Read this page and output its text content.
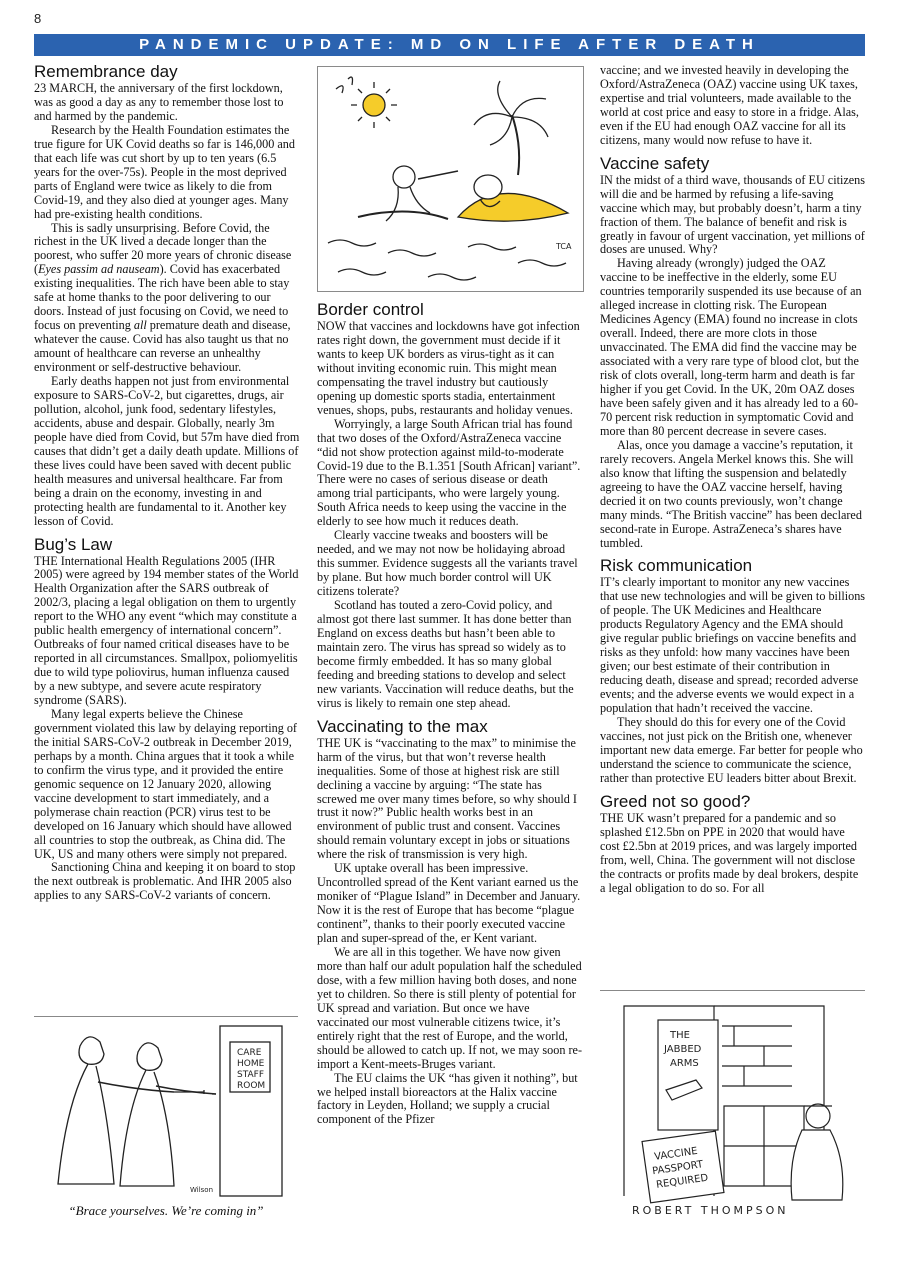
8
PANDEMIC UPDATE: MD ON LIFE AFTER DEATH
Remembrance day

23 MARCH, the anniversary of the first lockdown, was as good a day as any to remember those lost to and harmed by the pandemic.

Research by the Health Foundation estimates the true figure for UK Covid deaths so far is 146,000 and that each life was cut short by up to ten years (6.5 years for the over-75s). People in the most deprived parts of England were twice as likely to die from Covid-19, and they also died at younger ages. Many had pre-existing health conditions.

This is sadly unsurprising. Before Covid, the richest in the UK lived a decade longer than the poorest, who suffer 20 more years of chronic disease (Eyes passim ad nauseam). Covid has exacerbated existing inequalities. The rich have been able to stay safe at home thanks to the poor delivering to our doors. Instead of just focusing on Covid, we need to focus on preventing all premature death and disease, whatever the cause. Covid has also taught us that no amount of healthcare can reverse an unhealthy environment or self-destructive behaviour.

Early deaths happen not just from environmental exposure to SARS-CoV-2, but cigarettes, drugs, air pollution, alcohol, junk food, sedentary lifestyles, accidents, abuse and despair. Globally, nearly 3m people have died from Covid, but 57m have died from causes that didn’t get a daily death update. Millions of these lives could have been saved with decent public health measures and universal healthcare. Far from being a drain on the economy, investing in and protecting health are fundamental to it. Another key lesson of Covid.

Bug’s Law

THE International Health Regulations 2005 (IHR 2005) were agreed by 194 member states of the World Health Organization after the SARS outbreak of 2002/3, placing a legal obligation on them to urgently report to the WHO any event “which may constitute a public health emergency of international concern”. Outbreaks of four named critical diseases have to be reported in all circumstances. Smallpox, poliomyelitis due to wild type poliovirus, human influenza caused by a new subtype, and severe acute respiratory syndrome (SARS).

Many legal experts believe the Chinese government violated this law by delaying reporting of the initial SARS-CoV-2 outbreak in December 2019, perhaps by a month. China argues that it took a while to confirm the virus type, and it provided the entire genomic sequence on 12 January 2020, allowing vaccine development to start immediately, and a polymerase chain reaction (PCR) virus test to be developed on 16 January which should have allowed all countries to stop the outbreak, as China did. The UK, US and many others were simply not prepared.

Sanctioning China and keeping it on board to stop the next outbreak is problematic. And IHR 2005 also applies to any SARS-CoV-2 variants of concern.

Border control

NOW that vaccines and lockdowns have got infection rates right down, the government must decide if it wants to keep UK borders as virus-tight as it can without inviting economic ruin. This might mean compensating the travel industry but cautiously opening up domestic sports stadia, entertainment venues, shops, pubs, restaurants and holiday venues.

Worryingly, a large South African trial has found that two doses of the Oxford/AstraZeneca vaccine “did not show protection against mild-to-moderate Covid-19 due to the B.1.351 [South African] variant”. There were no cases of serious disease or death among trial participants, who were largely young. South Africa needs to keep using the vaccine in the elderly to see how much it reduces death.

Clearly vaccine tweaks and boosters will be needed, and we may not now be holidaying abroad this summer. Evidence suggests all the variants travel by plane. But how much border control will UK citizens tolerate?

Scotland has touted a zero-Covid policy, and almost got there last summer. It has done better than England on excess deaths but hasn’t been able to maintain zero. The virus has spread so widely as to become firmly embedded. It has so many global feeding and breeding stations to develop and select new variants. Vaccination will reduce deaths, but the virus is likely to remain one step ahead.

Vaccinating to the max

THE UK is “vaccinating to the max” to minimise the harm of the virus, but that won’t reverse health inequalities. Some of those at highest risk are still declining a vaccine by arguing: “The state has screwed me over many times before, so why should I trust it now?” Public health works best in an environment of public trust and consent. Vaccines should remain voluntary except in jobs or situations where the risk of transmission is very high.

UK uptake overall has been impressive. Uncontrolled spread of the Kent variant earned us the moniker of “Plague Island” in December and January. Now it is the rest of Europe that has become “plague continent”, thanks to their poorly executed vaccine plan and super-spread of the, er Kent variant.

We are all in this together. We have now given more than half our adult population half the scheduled dose, with a few million having both doses, and none yet to children. So there is still plenty of potential for UK spread and variation. But once we have vaccinated our most vulnerable citizens twice, it’s entirely right that the rest of Europe, and the world, should be allowed to catch up. If not, we may soon re-import a Kent-meets-Bruges variant.

The EU claims the UK “has given it nothing”, but we helped install bioreactors at the Halix vaccine factory in Leyden, Holland; we supply a crucial component of the Pfizer

vaccine; and we invested heavily in developing the Oxford/AstraZeneca (OAZ) vaccine using UK taxes, expertise and trial volunteers, made available to the world at cost price and easy to store in a fridge. Alas, even if the EU had enough OAZ vaccine for all its citizens, many would now refuse to have it.

Vaccine safety

IN the midst of a third wave, thousands of EU citizens will die and be harmed by refusing a life-saving vaccine which may, but probably doesn’t, harm a tiny fraction of them. The balance of benefit and risk is greatly in favour of urgent vaccination, yet millions of doses are unused. Why?

Having already (wrongly) judged the OAZ vaccine to be ineffective in the elderly, some EU countries temporarily suspended its use because of an alleged increase in clotting risk. The European Medicines Agency (EMA) found no increase in clots overall. Indeed, there are more clots in those unvaccinated. The EMA did find the vaccine may be associated with a very rare type of blood clot, but the risk of clots overall, long-term harm and death is far higher if you get Covid. In the UK, 20m OAZ doses have been safely given and it has already led to a 60-70 percent risk reduction in symptomatic Covid and more than 80 percent decrease in severe cases.

Alas, once you damage a vaccine’s reputation, it rarely recovers. Angela Merkel knows this. She will also know that lifting the suspension and belatedly agreeing to have the OAZ vaccine herself, having decried it on two counts previously, won’t change many minds. “The British vaccine” has been declared second-rate in Europe. AstraZeneca’s shares have tumbled.

Risk communication

IT’s clearly important to monitor any new vaccines that use new technologies and will be given to billions of people. The UK Medicines and Healthcare products Regulatory Agency and the EMA should give regular public briefings on vaccine benefits and risks as they unfold: how many vaccines have been given; our best estimate of their contribution in reducing death, disease and spread; recorded adverse events; and the adverse events we would expect in a population that hadn’t received the vaccine.

They should do this for every one of the Covid vaccines, not just pick on the British one, whenever important new data emerge. Far better for people who understand the science to communicate the science, rather than protective EU leaders bitter about Brexit.

Greed not so good?

THE UK wasn’t prepared for a pandemic and so splashed £12.5bn on PPE in 2020 that would have cost £2.5bn at 2019 prices, and was largely imported from, well, China. The government will not disclose the contracts or profits made by deal brokers, despite a legal obligation to do so. For all

TCA
CARE
HOME
STAFF
ROOM
Wilson
“Brace yourselves. We’re coming in”
THE
JABBED
ARMS
VACCINE
PASSPORT
REQUIRED
ROBERT THOMPSON
